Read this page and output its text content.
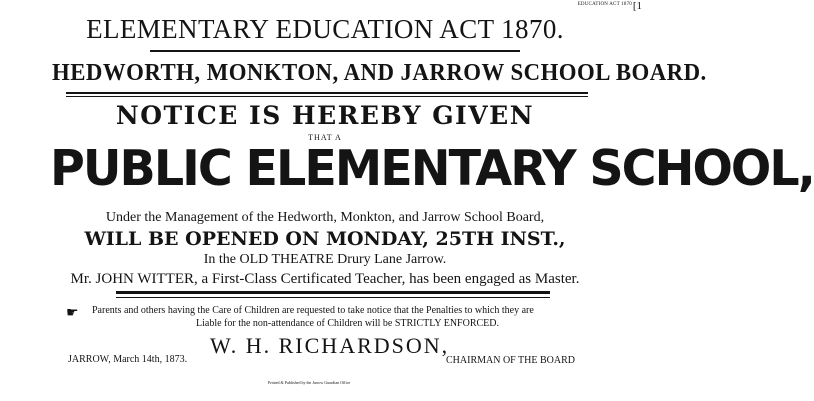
EDUCATION ACT 1870 [1
ELEMENTARY EDUCATION ACT 1870.
HEDWORTH, MONKTON, AND JARROW SCHOOL BOARD.
NOTICE IS HEREBY GIVEN
THAT A
PUBLIC ELEMENTARY SCHOOL,
Under the Management of the Hedworth, Monkton, and Jarrow School Board,
WILL BE OPENED ON MONDAY, 25TH INST.,
In the OLD THEATRE Drury Lane Jarrow.
Mr. JOHN WITTER, a First-Class Certificated Teacher, has been engaged as Master.
☛ Parents and others having the Care of Children are requested to take notice that the Penalties to which they are
Liable for the non-attendance of Children will be STRICTLY ENFORCED.
W. H. RICHARDSON,
JARROW, March 14th, 1873.	CHAIRMAN OF THE BOARD
Printed & Published by the Jarrow Guardian Office
